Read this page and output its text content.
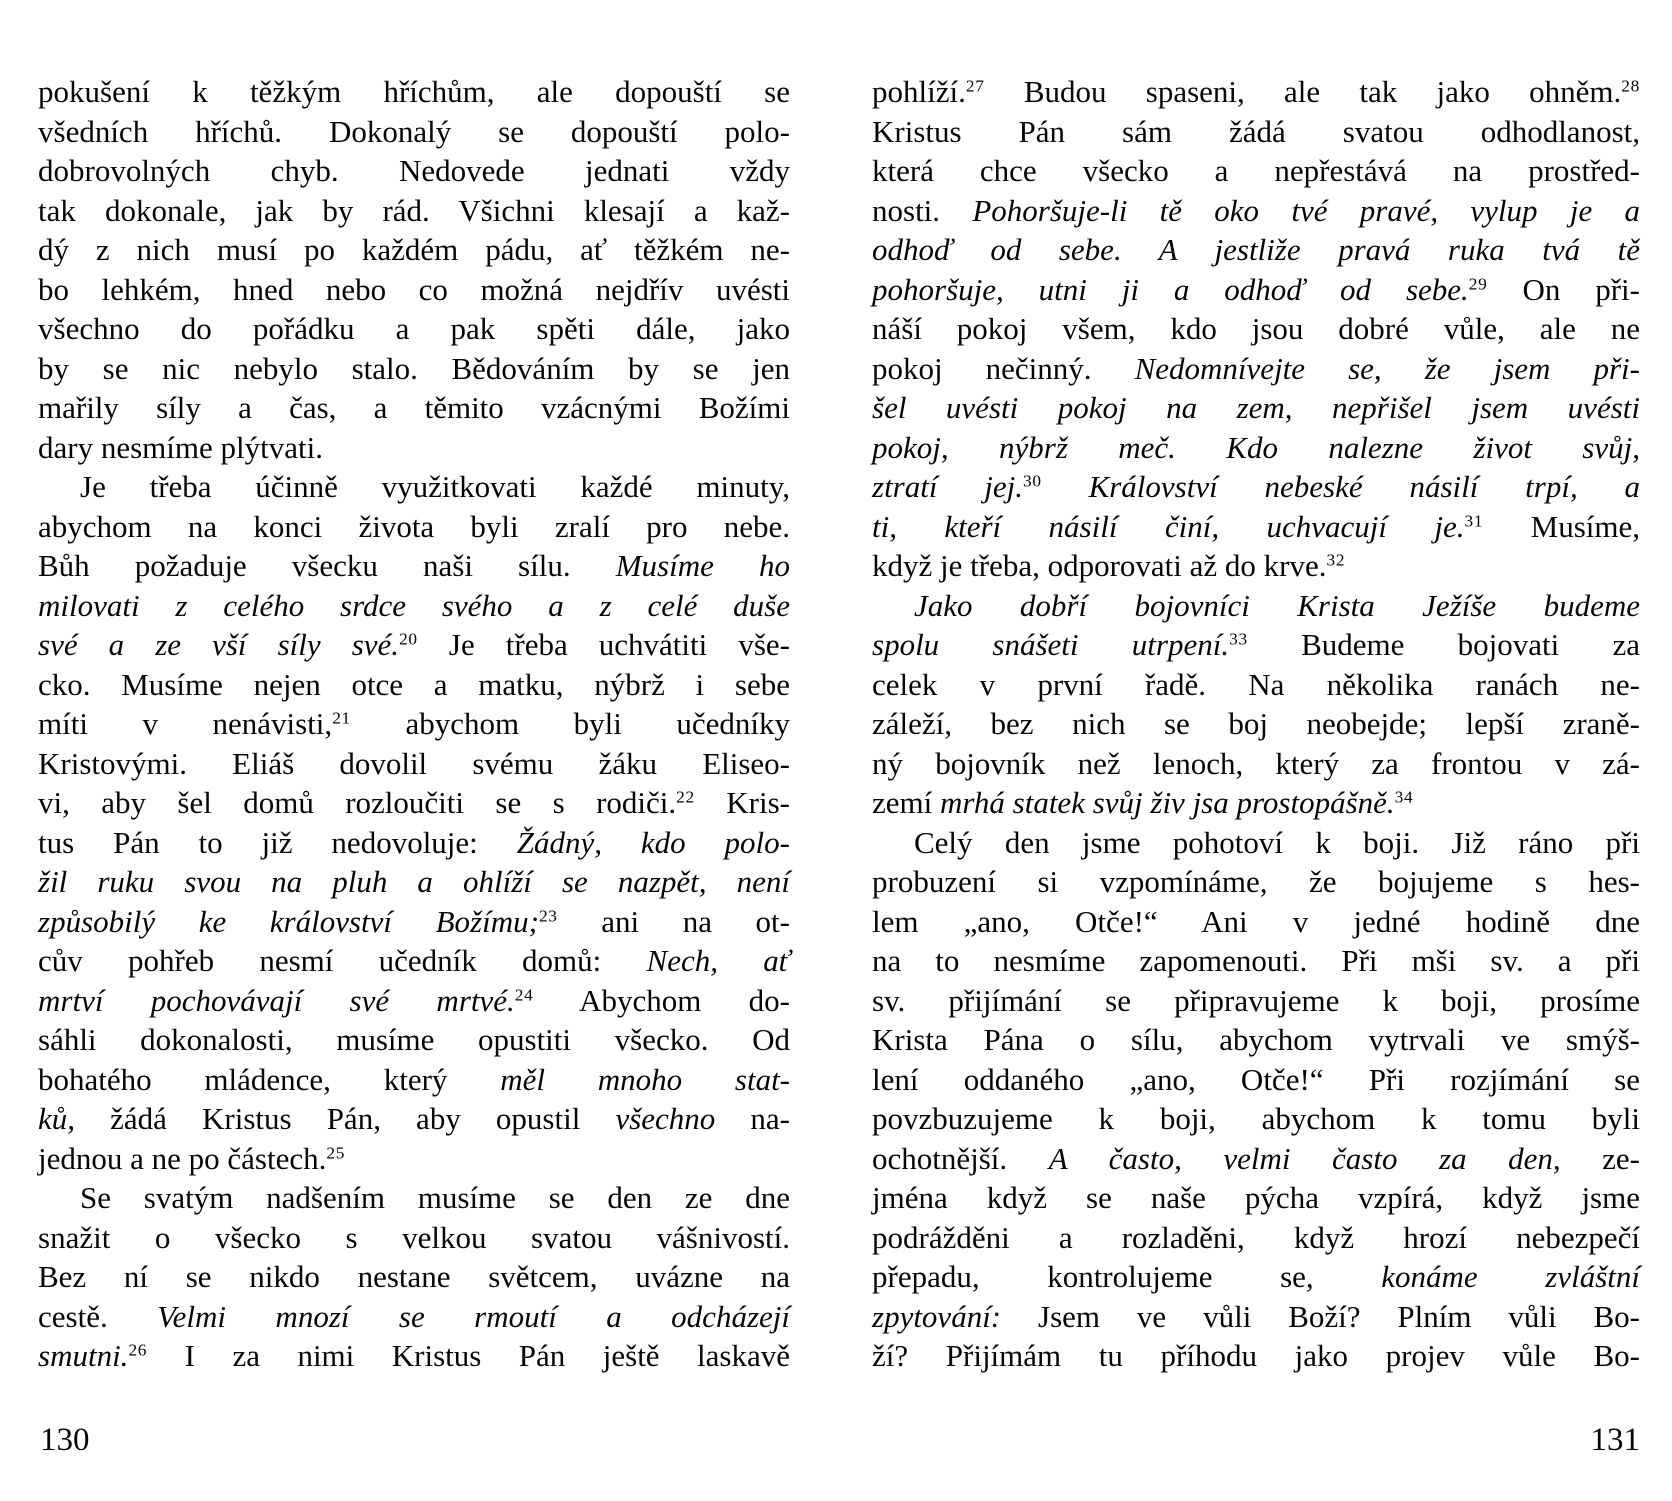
pokušení k těžkým hříchům, ale dopouští se
všedních hříchů. Dokonalý se dopouští polo-
dobrovolných chyb. Nedovede jednati vždy
tak dokonale, jak by rád. Všichni klesají a kaž-
dý z nich musí po každém pádu, ať těžkém ne-
bo lehkém, hned nebo co možná nejdřív uvésti
všechno do pořádku a pak spěti dále, jako
by se nic nebylo stalo. Bědováním by se jen
mařily síly a čas, a těmito vzácnými Božími
dary nesmíme plýtvati.
Je třeba účinně využitkovati každé minuty,
abychom na konci života byli zralí pro nebe.
Bůh požaduje všecku naši sílu. Musíme ho
milovati z celého srdce svého a z celé duše
své a ze vší síly své.$^{20}$ Je třeba uchvátiti vše-
cko. Musíme nejen otce a matku, nýbrž i sebe
míti v nenávisti,$^{21}$ abychom byli učedníky
Kristovými. Eliáš dovolil svému žáku Eliseo-
vi, aby šel domů rozloučiti se s rodiči.$^{22}$ Kris-
tus Pán to již nedovoluje: Žádný, kdo polo-
žil ruku svou na pluh a ohlíží se nazpět, není
způsobilý ke království Božímu;$^{23}$ ani na ot-
cův pohřeb nesmí učedník domů: Nech, ať
mrtví pochovávají své mrtvé.$^{24}$ Abychom do-
sáhli dokonalosti, musíme opustiti všecko. Od
bohatého mládence, který měl mnoho stat-
ků, žádá Kristus Pán, aby opustil všechno na-
jednou a ne po částech.$^{25}$
Se svatým nadšením musíme se den ze dne
snažit o všecko s velkou svatou vášnivostí.
Bez ní se nikdo nestane světcem, uvázne na
cestě. Velmi mnozí se rmoutí a odcházejí
smutni.$^{26}$ I za nimi Kristus Pán ještě laskavě
pohlíží.$^{27}$ Budou spaseni, ale tak jako ohněm.$^{28}$
Kristus Pán sám žádá svatou odhodlanost,
která chce všecko a nepřestává na prostřed-
nosti. Pohoršuje-li tě oko tvé pravé, vylup je a
odhoď od sebe. A jestliže pravá ruka tvá tě
pohoršuje, utni ji a odhoď od sebe.$^{29}$ On při-
náší pokoj všem, kdo jsou dobré vůle, ale ne
pokoj nečinný. Nedomnívejte se, že jsem při-
šel uvésti pokoj na zem, nepřišel jsem uvésti
pokoj, nýbrž meč. Kdo nalezne život svůj,
ztratí jej.$^{30}$ Království nebeské násilí trpí, a
ti, kteří násilí činí, uchvacují je.$^{31}$ Musíme,
když je třeba, odporovati až do krve.$^{32}$
Jako dobří bojovníci Krista Ježíše budeme
spolu snášeti utrpení.$^{33}$ Budeme bojovati za
celek v první řadě. Na několika ranách ne-
záleží, bez nich se boj neobejde; lepší zraně-
ný bojovník než lenoch, který za frontou v zá-
zemí mrhá statek svůj živ jsa prostopášně.$^{34}$
Celý den jsme pohotoví k boji. Již ráno při
probuzení si vzpomínáme, že bojujeme s hes-
lem „ano, Otče!“ Ani v jedné hodině dne
na to nesmíme zapomenouti. Při mši sv. a při
sv. přijímání se připravujeme k boji, prosíme
Krista Pána o sílu, abychom vytrvali ve smýš-
lení oddaného „ano, Otče!“ Při rozjímání se
povzbuzujeme k boji, abychom k tomu byli
ochotnější. A často, velmi často za den, ze-
jména když se naše pýcha vzpírá, když jsme
podrážděni a rozladěni, když hrozí nebezpečí
přepadu, kontrolujeme se, konáme zvláštní
zpytování: Jsem ve vůli Boží? Plním vůli Bo-
ží? Přijímám tu příhodu jako projev vůle Bo-
130	131
